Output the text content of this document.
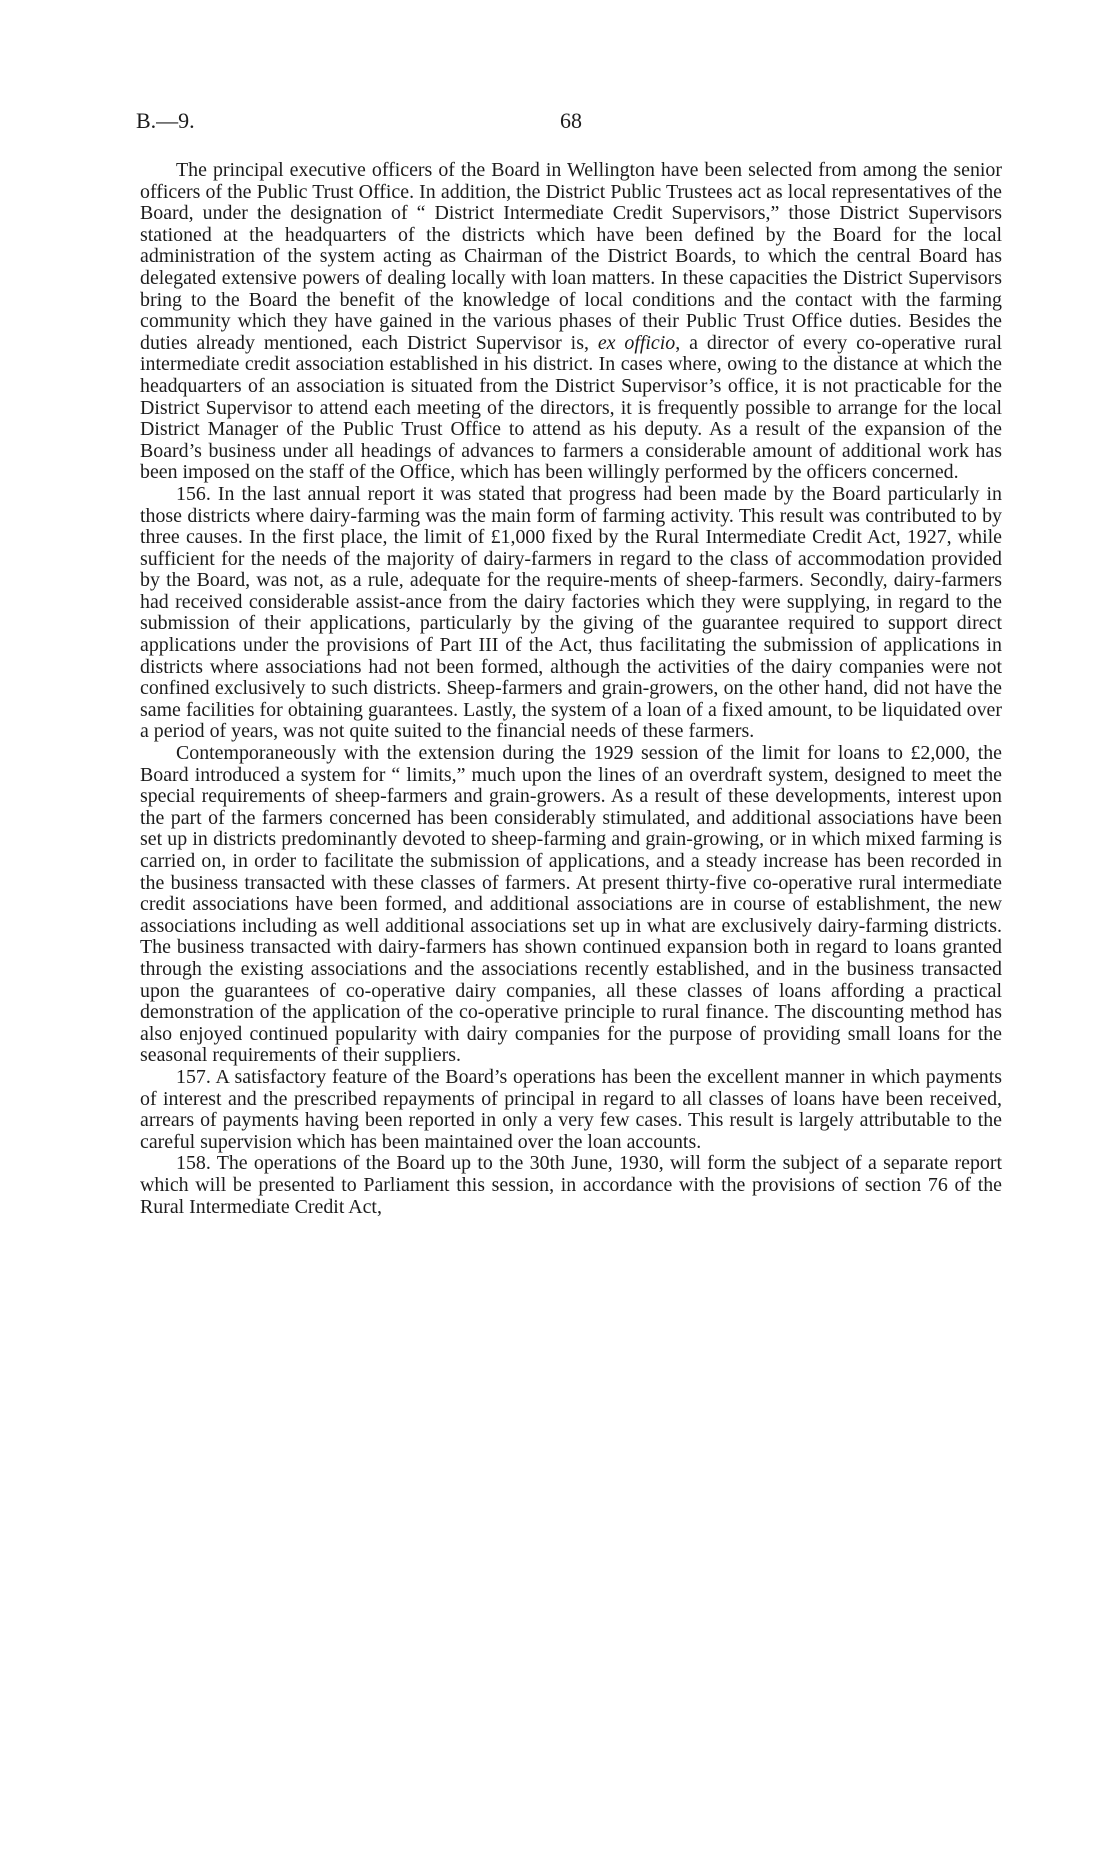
B.—9.	68

The principal executive officers of the Board in Wellington have been selected from among the senior officers of the Public Trust Office. In addition, the District Public Trustees act as local representatives of the Board, under the designation of “ District Intermediate Credit Supervisors,” those District Supervisors stationed at the headquarters of the districts which have been defined by the Board for the local administration of the system acting as Chairman of the District Boards, to which the central Board has delegated extensive powers of dealing locally with loan matters. In these capacities the District Supervisors bring to the Board the benefit of the knowledge of local conditions and the contact with the farming community which they have gained in the various phases of their Public Trust Office duties. Besides the duties already mentioned, each District Supervisor is, ex officio, a director of every co-operative rural intermediate credit association established in his district. In cases where, owing to the distance at which the headquarters of an association is situated from the District Supervisor’s office, it is not practicable for the District Supervisor to attend each meeting of the directors, it is frequently possible to arrange for the local District Manager of the Public Trust Office to attend as his deputy. As a result of the expansion of the Board’s business under all headings of advances to farmers a considerable amount of additional work has been imposed on the staff of the Office, which has been willingly performed by the officers concerned.

156. In the last annual report it was stated that progress had been made by the Board particularly in those districts where dairy-farming was the main form of farming activity. This result was contributed to by three causes. In the first place, the limit of £1,000 fixed by the Rural Intermediate Credit Act, 1927, while sufficient for the needs of the majority of dairy-farmers in regard to the class of accommodation provided by the Board, was not, as a rule, adequate for the require-ments of sheep-farmers. Secondly, dairy-farmers had received considerable assist-ance from the dairy factories which they were supplying, in regard to the submission of their applications, particularly by the giving of the guarantee required to support direct applications under the provisions of Part III of the Act, thus facilitating the submission of applications in districts where associations had not been formed, although the activities of the dairy companies were not confined exclusively to such districts. Sheep-farmers and grain-growers, on the other hand, did not have the same facilities for obtaining guarantees. Lastly, the system of a loan of a fixed amount, to be liquidated over a period of years, was not quite suited to the financial needs of these farmers.

Contemporaneously with the extension during the 1929 session of the limit for loans to £2,000, the Board introduced a system for “ limits,” much upon the lines of an overdraft system, designed to meet the special requirements of sheep-farmers and grain-growers. As a result of these developments, interest upon the part of the farmers concerned has been considerably stimulated, and additional associations have been set up in districts predominantly devoted to sheep-farming and grain-growing, or in which mixed farming is carried on, in order to facilitate the submission of applications, and a steady increase has been recorded in the business transacted with these classes of farmers. At present thirty-five co-operative rural intermediate credit associations have been formed, and additional associations are in course of establishment, the new associations including as well additional associations set up in what are exclusively dairy-farming districts. The business transacted with dairy-farmers has shown continued expansion both in regard to loans granted through the existing associations and the associations recently established, and in the business transacted upon the guarantees of co-operative dairy companies, all these classes of loans affording a practical demonstration of the application of the co-operative principle to rural finance. The discounting method has also enjoyed continued popularity with dairy companies for the purpose of providing small loans for the seasonal requirements of their suppliers.

157. A satisfactory feature of the Board’s operations has been the excellent manner in which payments of interest and the prescribed repayments of principal in regard to all classes of loans have been received, arrears of payments having been reported in only a very few cases. This result is largely attributable to the careful supervision which has been maintained over the loan accounts.

158. The operations of the Board up to the 30th June, 1930, will form the subject of a separate report which will be presented to Parliament this session, in accordance with the provisions of section 76 of the Rural Intermediate Credit Act,
